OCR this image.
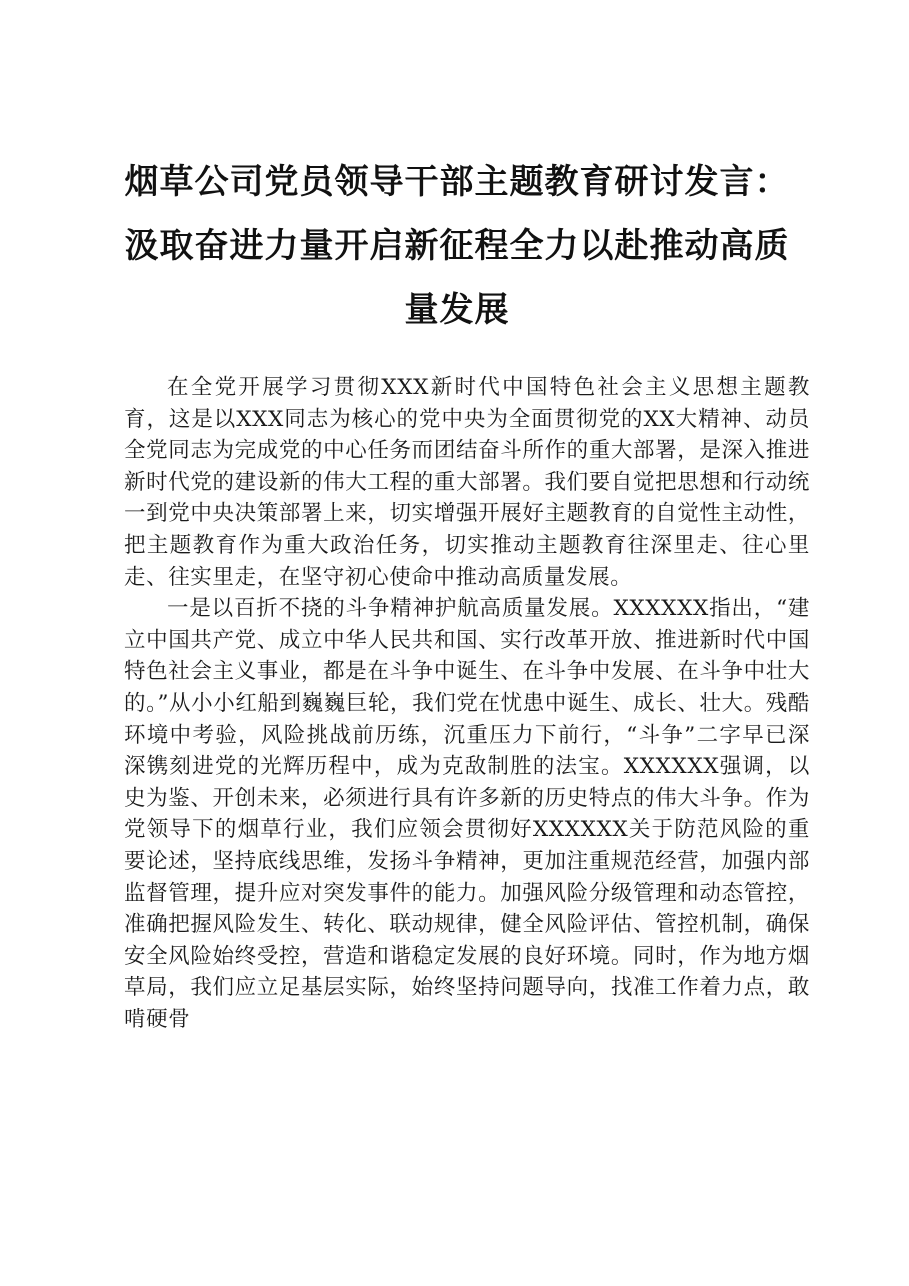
烟草公司党员领导干部主题教育研讨发言：汲取奋进力量开启新征程全力以赴推动高质量发展

在全党开展学习贯彻XXX新时代中国特色社会主义思想主题教育，这是以XXX同志为核心的党中央为全面贯彻党的XX大精神、动员全党同志为完成党的中心任务而团结奋斗所作的重大部署，是深入推进新时代党的建设新的伟大工程的重大部署。我们要自觉把思想和行动统一到党中央决策部署上来，切实增强开展好主题教育的自觉性主动性，把主题教育作为重大政治任务，切实推动主题教育往深里走、往心里走、往实里走，在坚守初心使命中推动高质量发展。

一是以百折不挠的斗争精神护航高质量发展。XXXXXX指出，“建立中国共产党、成立中华人民共和国、实行改革开放、推进新时代中国特色社会主义事业，都是在斗争中诞生、在斗争中发展、在斗争中壮大的。”从小小红船到巍巍巨轮，我们党在忧患中诞生、成长、壮大。残酷环境中考验，风险挑战前历练，沉重压力下前行，“斗争”二字早已深深镌刻进党的光辉历程中，成为克敌制胜的法宝。XXXXXX强调，以史为鉴、开创未来，必须进行具有许多新的历史特点的伟大斗争。作为党领导下的烟草行业，我们应领会贯彻好XXXXXX关于防范风险的重要论述，坚持底线思维，发扬斗争精神，更加注重规范经营，加强内部监督管理，提升应对突发事件的能力。加强风险分级管理和动态管控，准确把握风险发生、转化、联动规律，健全风险评估、管控机制，确保安全风险始终受控，营造和谐稳定发展的良好环境。同时，作为地方烟草局，我们应立足基层实际，始终坚持问题导向，找准工作着力点，敢啃硬骨
